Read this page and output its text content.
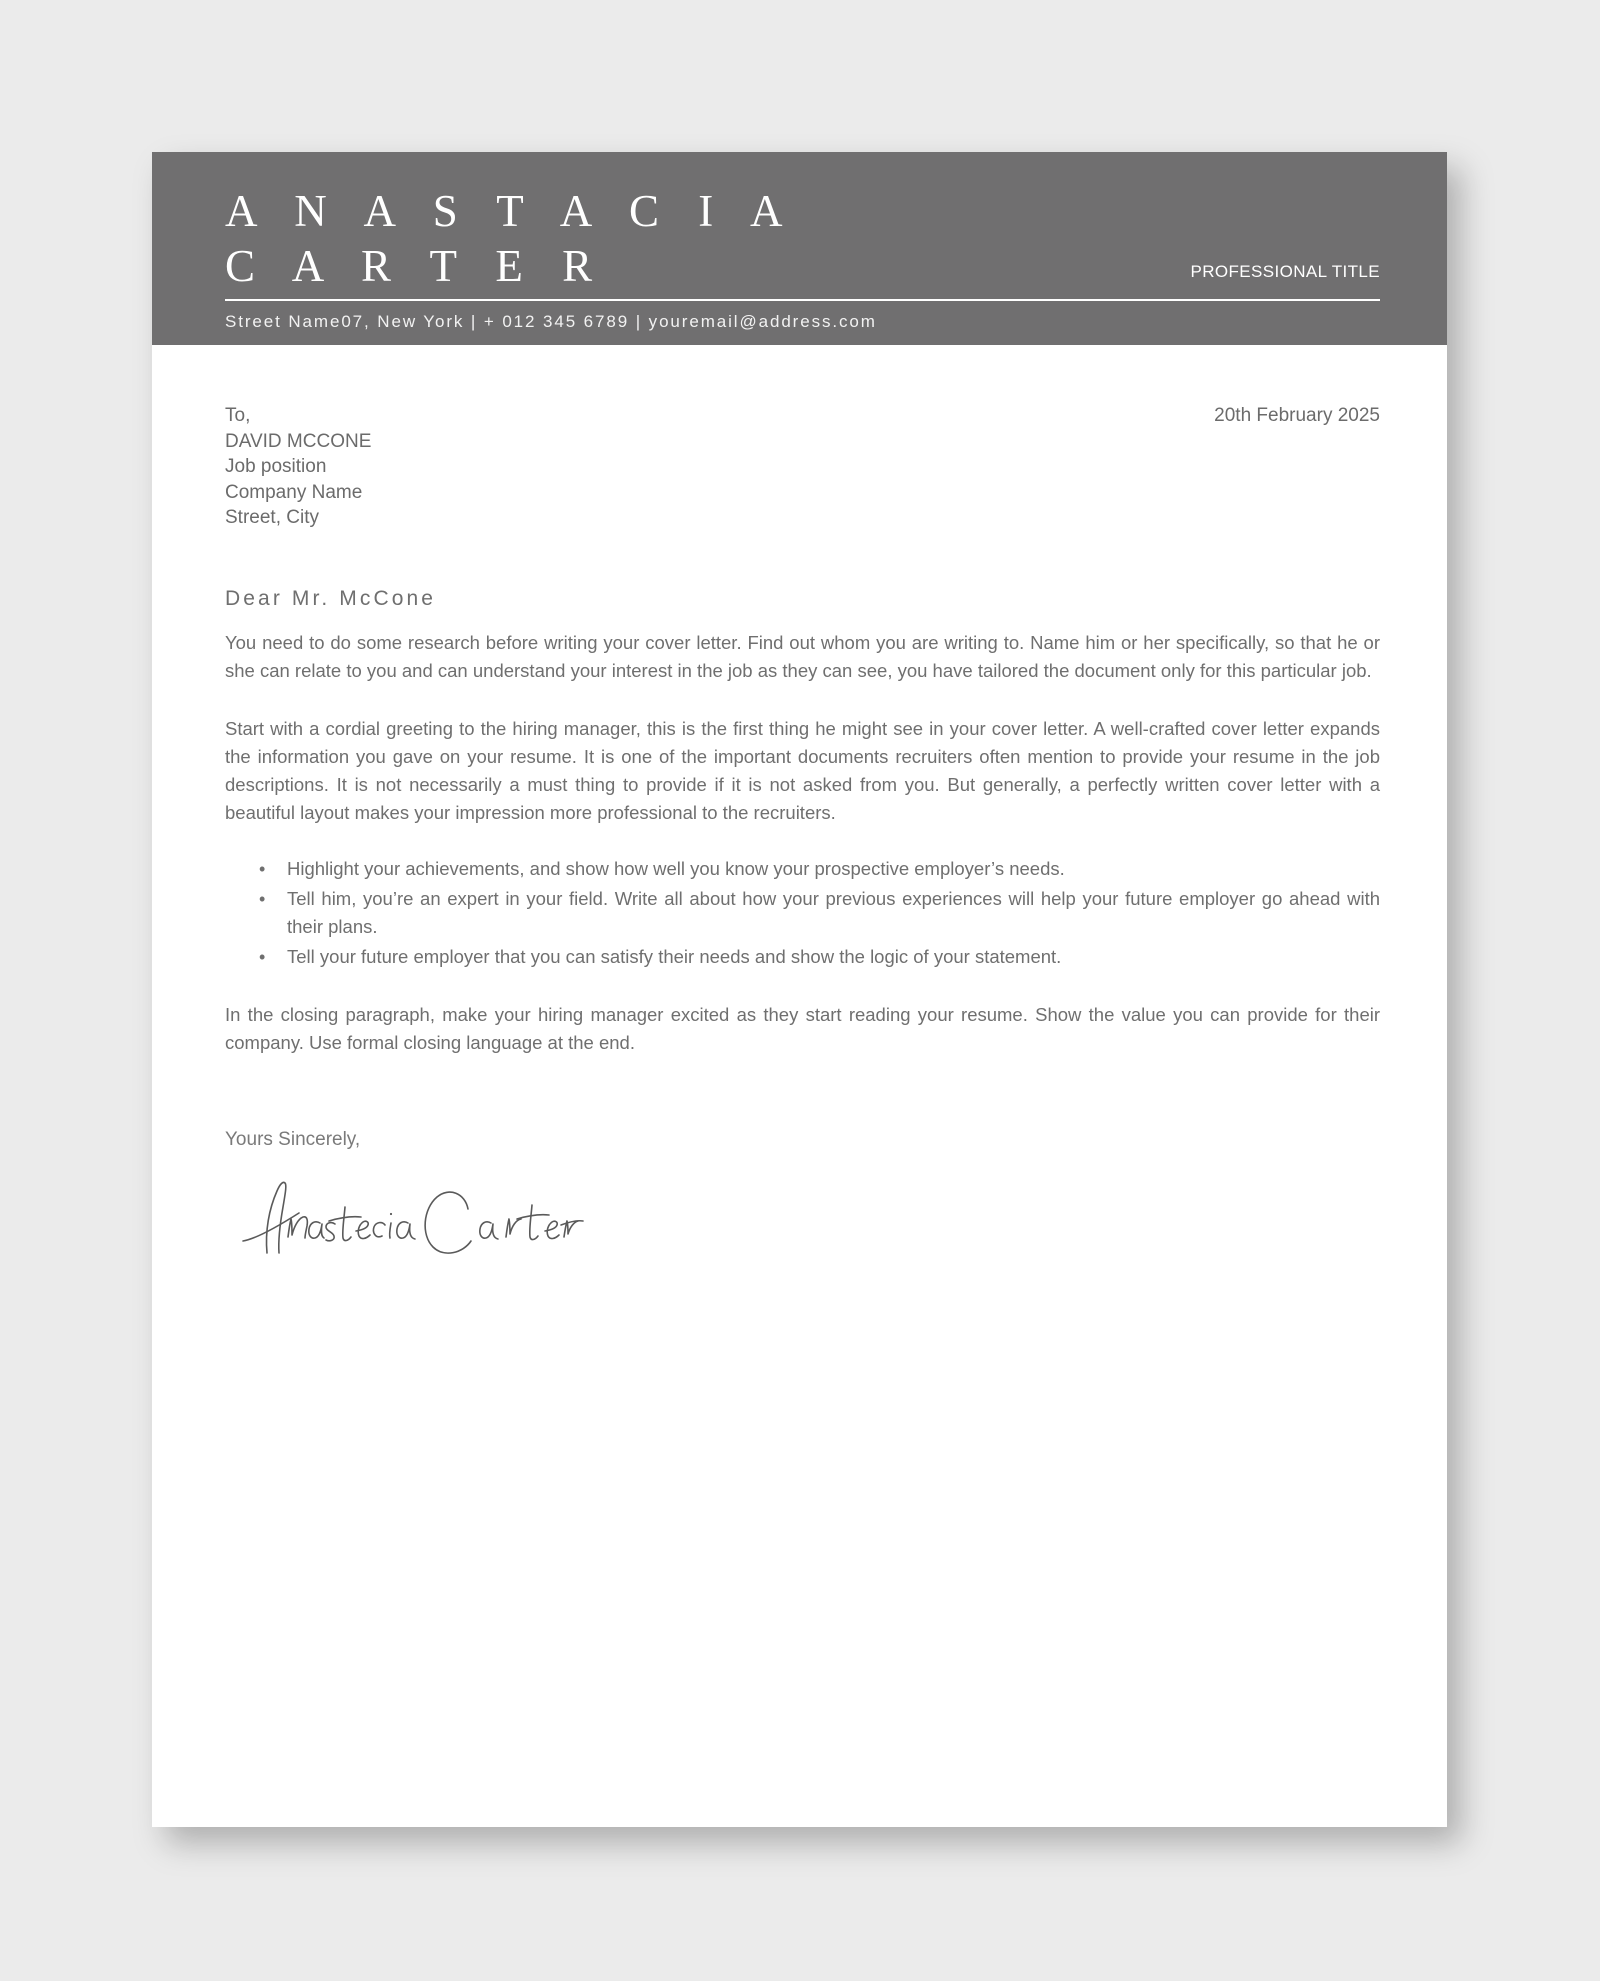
A N A S T A C I A
C A R T E R	PROFESSIONAL TITLE
Street Name07, New York | + 012 345 6789 | youremail@address.com
To,
DAVID MCCONE
Job position
Company Name
Street, City
20th February 2025
Dear Mr. McCone

You need to do some research before writing your cover letter. Find out whom you are writing to. Name him or her specifically, so that he or she can relate to you and can understand your interest in the job as they can see, you have tailored the document only for this particular job.

Start with a cordial greeting to the hiring manager, this is the first thing he might see in your cover letter. A well-crafted cover letter expands the information you gave on your resume. It is one of the important documents recruiters often mention to provide your resume in the job descriptions. It is not necessarily a must thing to provide if it is not asked from you. But generally, a perfectly written cover letter with a beautiful layout makes your impression more professional to the recruiters.

• Highlight your achievements, and show how well you know your prospective employer’s needs.
• Tell him, you’re an expert in your field. Write all about how your previous experiences will help your future employer go ahead with their plans.
• Tell your future employer that you can satisfy their needs and show the logic of your statement.

In the closing paragraph, make your hiring manager excited as they start reading your resume. Show the value you can provide for their company. Use formal closing language at the end.

Yours Sincerely,
